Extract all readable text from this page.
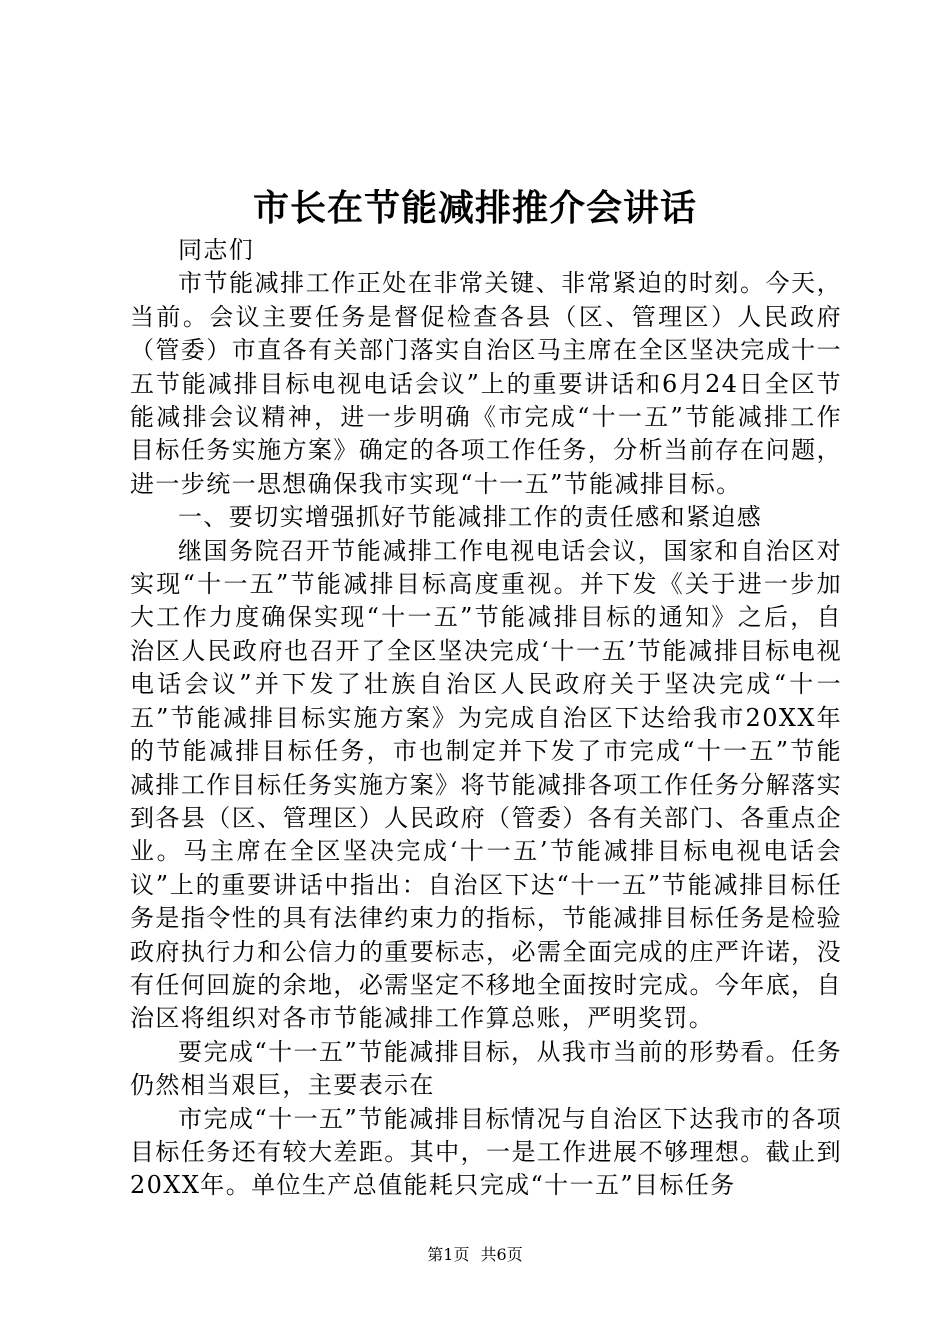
市长在节能减排推介会讲话

同志们

市节能减排工作正处在非常关键、非常紧迫的时刻。今天，当前。会议主要任务是督促检查各县（区、管理区）人民政府（管委）市直各有关部门落实自治区马主席在全区坚决完成十一五节能减排目标电视电话会议”上的重要讲话和6月24日全区节能减排会议精神，进一步明确《市完成“十一五”节能减排工作目标任务实施方案》确定的各项工作任务，分析当前存在问题，进一步统一思想确保我市实现“十一五”节能减排目标。

一、要切实增强抓好节能减排工作的责任感和紧迫感

继国务院召开节能减排工作电视电话会议，国家和自治区对实现“十一五”节能减排目标高度重视。并下发《关于进一步加大工作力度确保实现“十一五”节能减排目标的通知》之后，自治区人民政府也召开了全区坚决完成‘十一五’节能减排目标电视电话会议”并下发了壮族自治区人民政府关于坚决完成“十一五”节能减排目标实施方案》为完成自治区下达给我市20XX年的节能减排目标任务，市也制定并下发了市完成“十一五”节能减排工作目标任务实施方案》将节能减排各项工作任务分解落实到各县（区、管理区）人民政府（管委）各有关部门、各重点企业。马主席在全区坚决完成‘十一五’节能减排目标电视电话会议”上的重要讲话中指出：自治区下达“十一五”节能减排目标任务是指令性的具有法律约束力的指标，节能减排目标任务是检验政府执行力和公信力的重要标志，必需全面完成的庄严许诺，没有任何回旋的余地，必需坚定不移地全面按时完成。今年底，自治区将组织对各市节能减排工作算总账，严明奖罚。

要完成“十一五”节能减排目标，从我市当前的形势看。任务仍然相当艰巨，主要表示在

市完成“十一五”节能减排目标情况与自治区下达我市的各项目标任务还有较大差距。其中，一是工作进展不够理想。截止到20XX年。单位生产总值能耗只完成“十一五”目标任务

第1页 共6页
